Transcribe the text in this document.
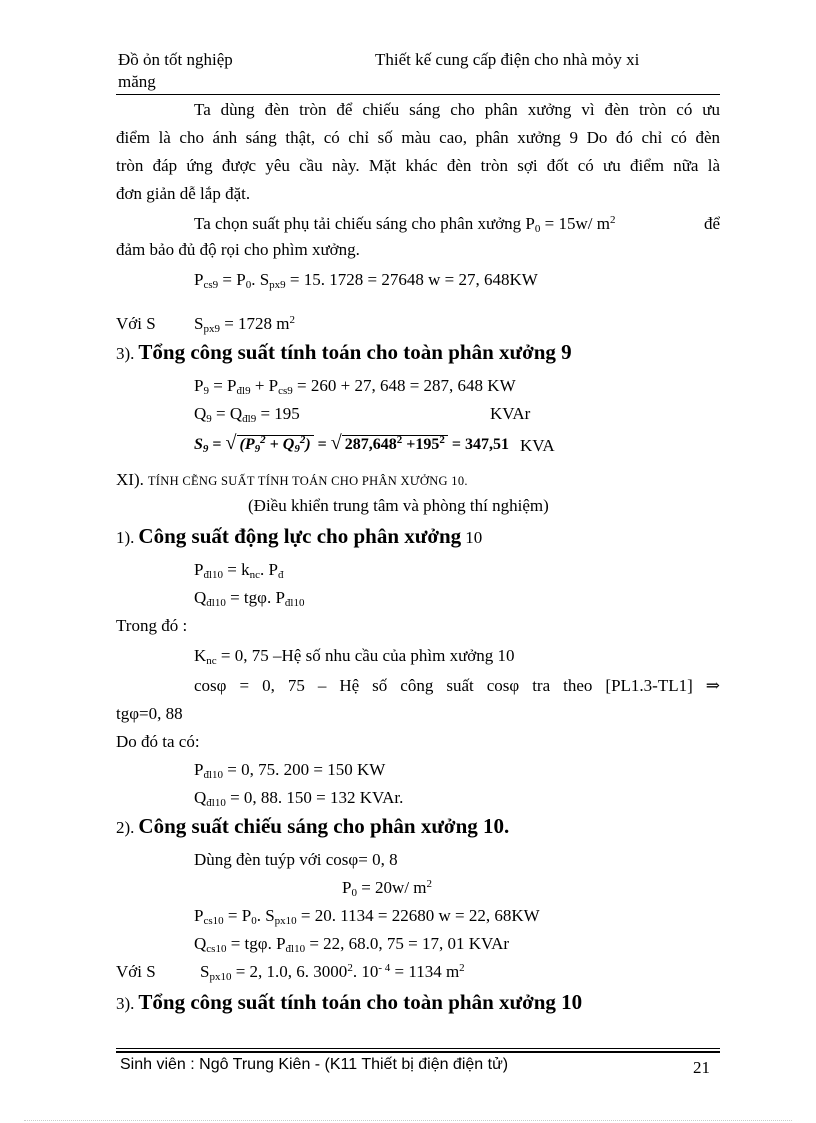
Đồ ỏn tốt nghiệp
măng
Thiết kế cung cấp điện cho nhà mỏy xi
Ta dùng đèn tròn để chiếu sáng cho phân xưởng vì đèn tròn có ưu
điểm là cho ánh sáng thật, có chỉ số màu cao, phân xưởng 9 Do đó chỉ có đèn
tròn đáp ứng được yêu cầu này. Mặt khác đèn tròn sợi đốt có ưu điểm nữa là
đơn giản dễ lắp đặt.
Ta chọn suất phụ tải chiếu sáng cho phân xưởng $P_0 = 15w/$ $m^2$	để
đảm bảo đủ độ rọi cho phìm xưởng.
$P_{cs9} = P_0$. $S_{px9} = 15$. 1728 = 27648 w = 27, 648KW
Với S $S_{px9} = 1728$ $m^2$
3). Tổng công suất tính toán cho toàn phân xưởng 9
$P_9 = P_{đl9} + P_{cs9} = 260 + 27$, 648 = 287, 648 KW
$Q_9 = Q_{đl9} = 195$	KVAr
$S_9$ = √ $(P_9^2 + Q_9^2)$ = √ $287,648^2 +195^2 = 347,51$ KVA
XI). TÍNH CẼNG SUẤT TÍNH TOÁN CHO PHÂN XƯỞNG 10.
(Điều khiển trung tâm và phòng thí nghiệm)
1). Công suất động lực cho phân xưởng 10
$P_{đl10} = k_{nc}$. $P_đ$
$Q_{đl10} = tg\varphi$. $P_{đl10}$
Trong đó :
$K_{nc} = 0$, 75 –Hệ số nhu cầu của phìm xưởng 10
cosφ = 0, 75 – Hệ số công suất cosφ tra theo [PL1.3-TL1] ⇒
tgφ=0, 88
Do đó ta có:
$P_{đl10} = 0$, 75. 200 = 150 KW
$Q_{đl10} = 0$, 88. 150 = 132 KVAr.
2). Công suất chiếu sáng cho phân xưởng 10.
Dùng đèn tuýp với cosφ= 0, 8
$P_0 = 20w/$ $m^2$
$P_{cs10} = P_0$. $S_{px10} = 20$. 1134 = 22680 w = 22, 68KW
$Q_{cs10} = tg\varphi$. $P_{đl10} = 22$, 68.0, 75 = 17, 01 KVAr
Với S	$S_{px10} = 2$, 1.0, 6. 3000$^2$. $10^{- 4} = 1134$ $m^2$
3). Tổng công suất tính toán cho toàn phân xưởng 10
Sinh viên : Ngô Trung Kiên - (K11 Thiết bị điện điện tử)	21
